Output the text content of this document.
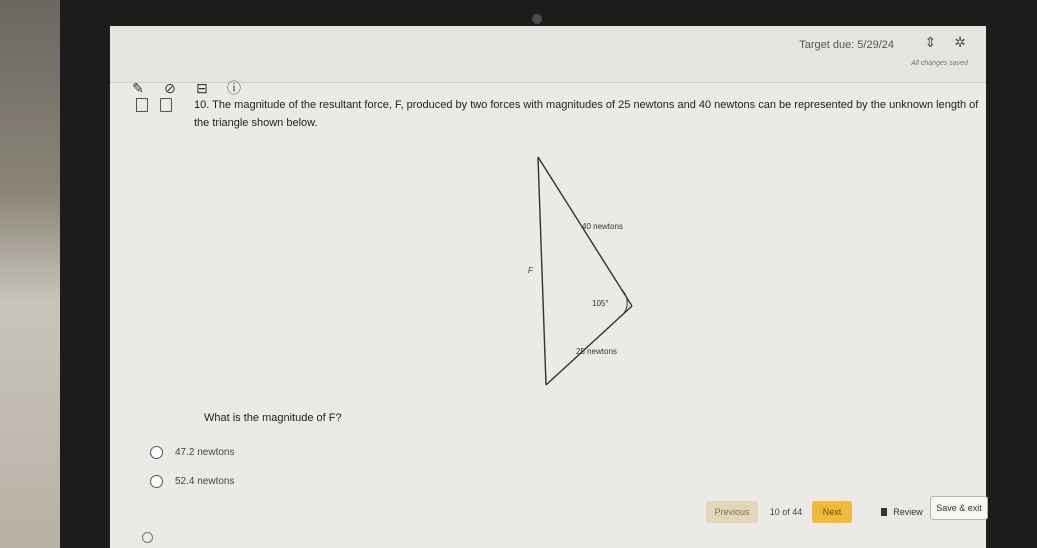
✎ ⊘ ⊟ ⓘ
Target due: 5/29/24 ⇕ ✲
All changes saved
10. The magnitude of the resultant force, F, produced by two forces with magnitudes of 25 newtons and 40 newtons can be represented by the unknown length of the triangle shown below.
40 newtons
F
105°
25 newtons
What is the magnitude of F?
47.2 newtons
52.4 newtons
Previous	10 of 44	Next	Review	Save & exit
